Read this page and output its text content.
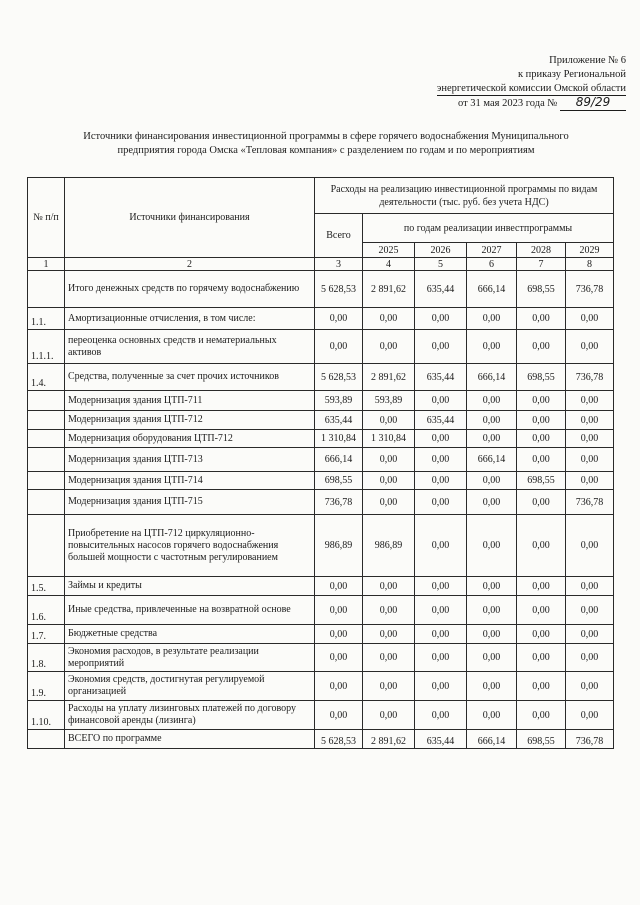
Приложение № 6
к приказу Региональной
энергетической комиссии Омской области
от 31 мая 2023 года № 89/29
Источники финансирования инвестиционной программы в сфере горячего водоснабжения Муниципального
предприятия города Омска «Тепловая компания» с разделением по годам и по мероприятиям
№ п/п	Источники финансирования	Расходы на реализацию инвестиционной программы по видам деятельности (тыс. руб. без учета НДС)					
		Всего	по годам реализации инвестпрограммы				
			2025	2026	2027	2028	2029
1	2	3	4	5	6	7	8
	Итого денежных средств по горячему водоснабжению	5 628,53	2 891,62	635,44	666,14	698,55	736,78
1.1.	Амортизационные отчисления, в том числе:	0,00	0,00	0,00	0,00	0,00	0,00
1.1.1.	переоценка основных средств и нематериальных активов	0,00	0,00	0,00	0,00	0,00	0,00
1.4.	Средства, полученные за счет прочих источников	5 628,53	2 891,62	635,44	666,14	698,55	736,78
	Модернизация здания ЦТП-711	593,89	593,89	0,00	0,00	0,00	0,00
	Модернизация здания ЦТП-712	635,44	0,00	635,44	0,00	0,00	0,00
	Модернизация оборудования ЦТП-712	1 310,84	1 310,84	0,00	0,00	0,00	0,00
	Модернизация здания ЦТП-713	666,14	0,00	0,00	666,14	0,00	0,00
	Модернизация здания ЦТП-714	698,55	0,00	0,00	0,00	698,55	0,00
	Модернизация здания ЦТП-715	736,78	0,00	0,00	0,00	0,00	736,78
	Приобретение на ЦТП-712 циркуляционно-повысительных насосов горячего водоснабжения большей мощности с частотным регулированием	986,89	986,89	0,00	0,00	0,00	0,00
1.5.	Займы и кредиты	0,00	0,00	0,00	0,00	0,00	0,00
1.6.	Иные средства, привлеченные на возвратной основе	0,00	0,00	0,00	0,00	0,00	0,00
1.7.	Бюджетные средства	0,00	0,00	0,00	0,00	0,00	0,00
1.8.	Экономия расходов, в результате реализации мероприятий	0,00	0,00	0,00	0,00	0,00	0,00
1.9.	Экономия средств, достигнутая регулируемой организацией	0,00	0,00	0,00	0,00	0,00	0,00
1.10.	Расходы на уплату лизинговых платежей по договору финансовой аренды (лизинга)	0,00	0,00	0,00	0,00	0,00	0,00
	ВСЕГО по программе	5 628,53	2 891,62	635,44	666,14	698,55	736,78
